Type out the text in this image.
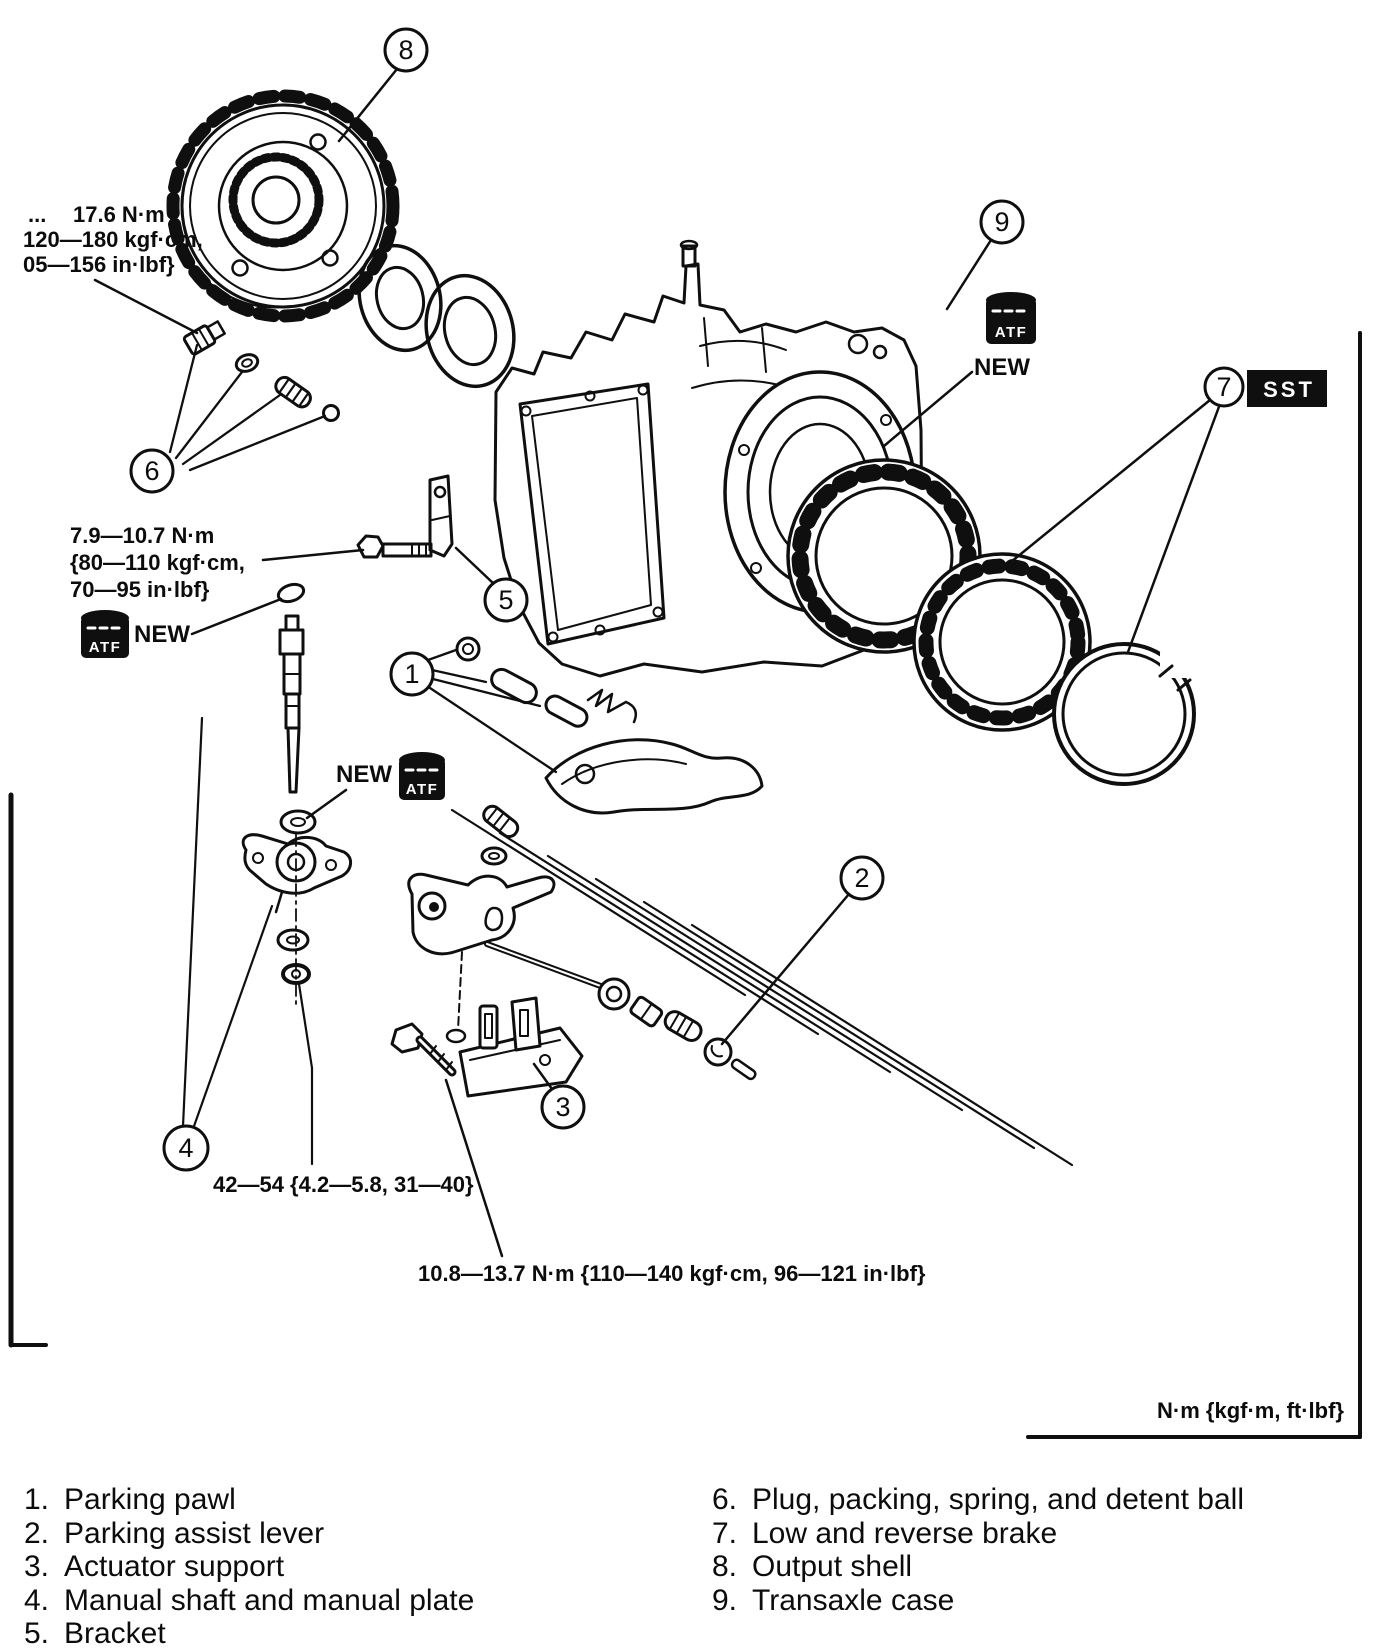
... 17.6 N·m
120—180 kgf·cm,
05—156 in·lbf}
8
6
9
7 SST
7.9—10.7 N·m
{80—110 kgf·cm,
70—95 in·lbf}	5
ATF NEW
4
42—54 {4.2—5.8, 31—40}
1
NEW
ATF
2
3
10.8—13.7 N·m {110—140 kgf·cm, 96—121 in·lbf}
ATF
NEW
N·m {kgf·m, ft·lbf}
1. Parking pawl
2. Parking assist lever
3. Actuator support
4. Manual shaft and manual plate
5. Bracket
6. Plug, packing, spring, and detent ball
7. Low and reverse brake
8. Output shell
9. Transaxle case
